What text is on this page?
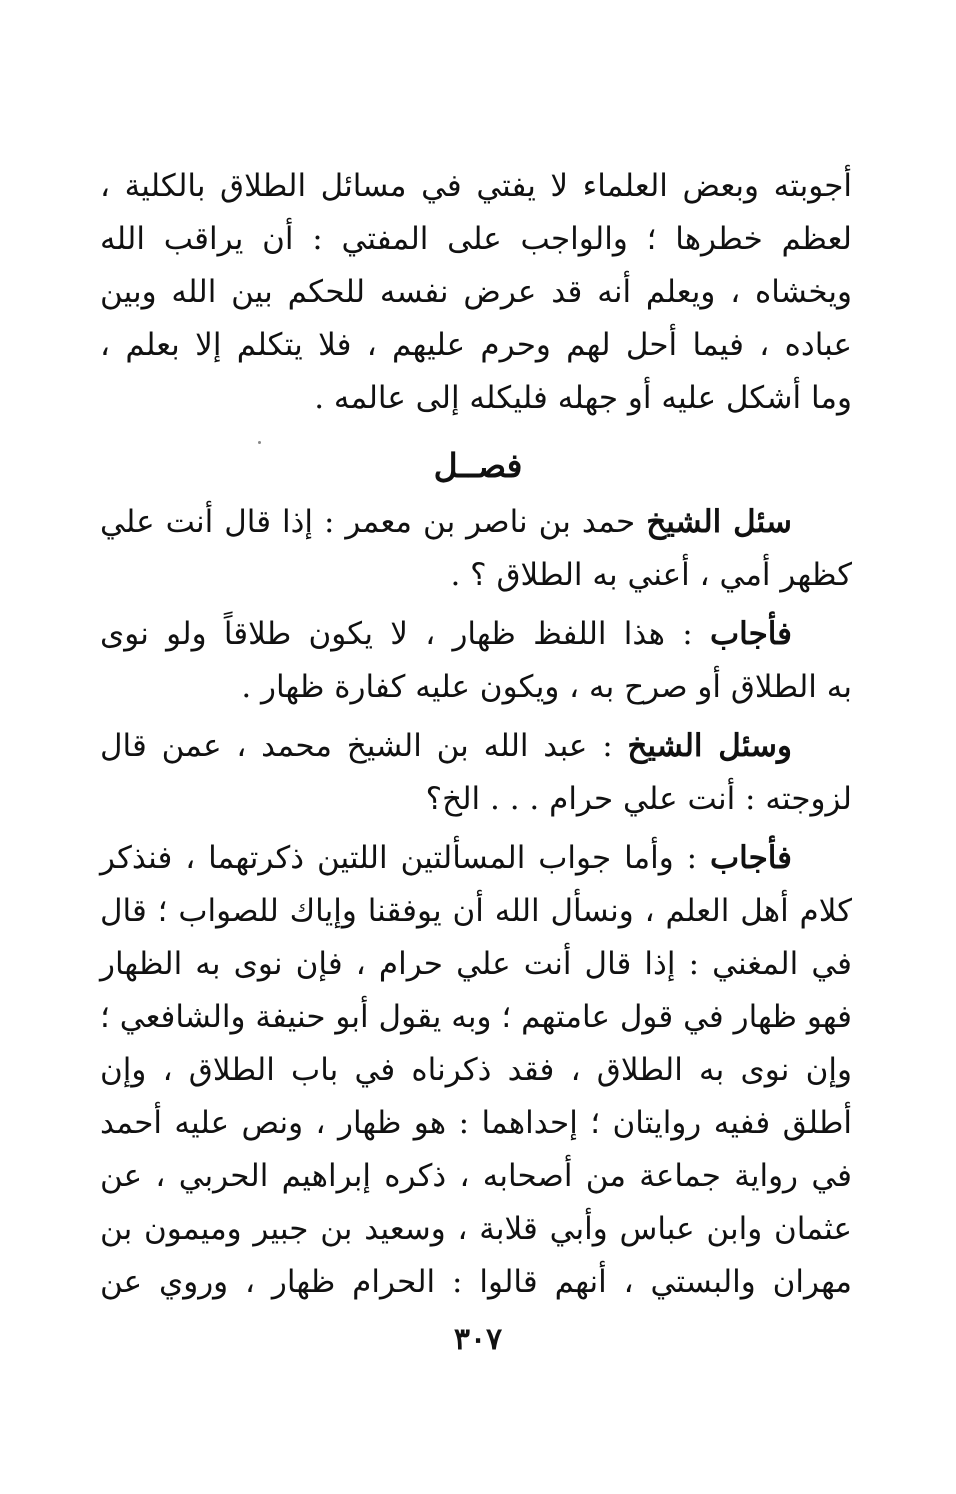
أجوبته وبعض العلماء لا يفتي في مسائل الطلاق بالكلية ،
لعظم خطرها ؛ والواجب على المفتي : أن يراقب الله
ويخشاه ، ويعلم أنه قد عرض نفسه للحكم بين الله وبين
عباده ، فيما أحل لهم وحرم عليهم ، فلا يتكلم إلا بعلم ،
وما أشكل عليه أو جهله فليكله إلى عالمه .
فصــل
سئل الشيخ حمد بن ناصر بن معمر : إذا قال أنت علي
كظهر أمي ، أعني به الطلاق ؟ .
فأجاب : هذا اللفظ ظهار ، لا يكون طلاقاً ولو نوى
به الطلاق أو صرح به ، ويكون عليه كفارة ظهار .
وسئل الشيخ : عبد الله بن الشيخ محمد ، عمن قال
لزوجته : أنت علي حرام . . . الخ؟
فأجاب : وأما جواب المسألتين اللتين ذكرتهما ، فنذكر
كلام أهل العلم ، ونسأل الله أن يوفقنا وإياك للصواب ؛ قال
في المغني : إذا قال أنت علي حرام ، فإن نوى به الظهار
فهو ظهار في قول عامتهم ؛ وبه يقول أبو حنيفة والشافعي ؛
وإن نوى به الطلاق ، فقد ذكرناه في باب الطلاق ، وإن
أطلق ففيه روايتان ؛ إحداهما : هو ظهار ، ونص عليه أحمد
في رواية جماعة من أصحابه ، ذكره إبراهيم الحربي ، عن
عثمان وابن عباس وأبي قلابة ، وسعيد بن جبير وميمون بن
مهران والبستي ، أنهم قالوا : الحرام ظهار ، وروي عن
٣٠٧
